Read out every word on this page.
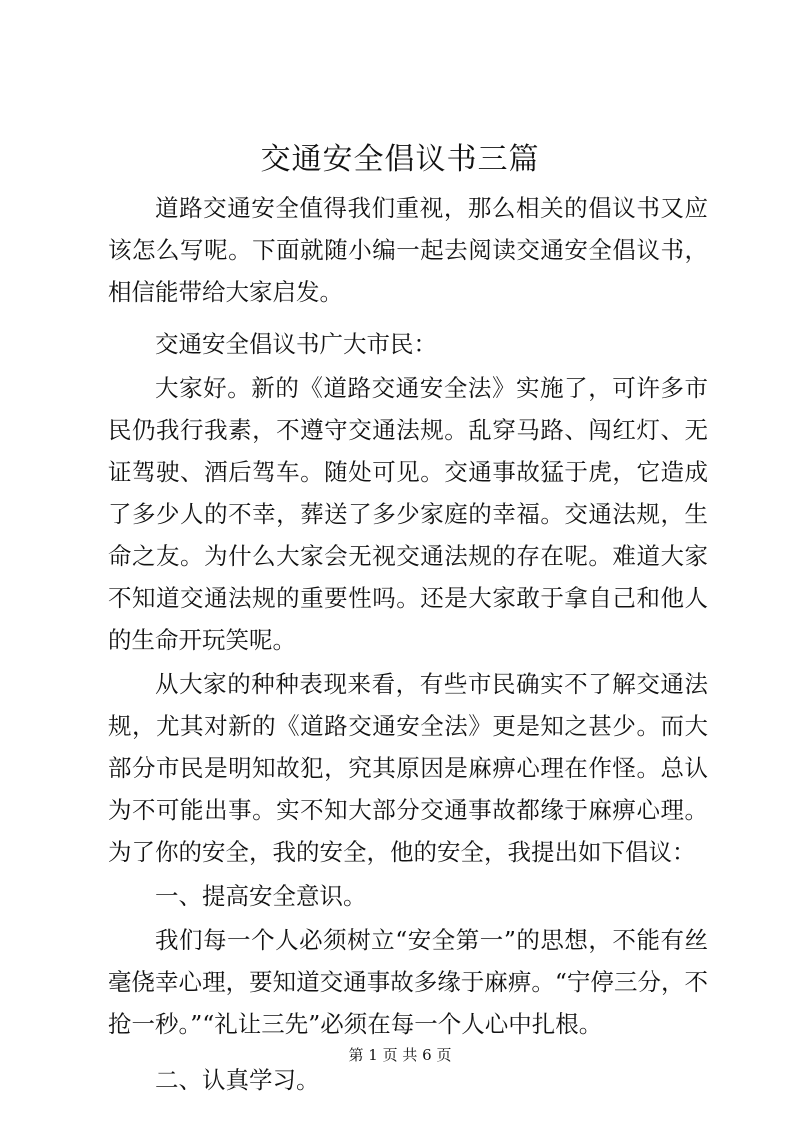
交通安全倡议书三篇

道路交通安全值得我们重视，那么相关的倡议书又应该怎么写呢。下面就随小编一起去阅读交通安全倡议书，相信能带给大家启发。

交通安全倡议书广大市民：

大家好。新的《道路交通安全法》实施了，可许多市民仍我行我素，不遵守交通法规。乱穿马路、闯红灯、无证驾驶、酒后驾车。随处可见。交通事故猛于虎，它造成了多少人的不幸，葬送了多少家庭的幸福。交通法规，生命之友。为什么大家会无视交通法规的存在呢。难道大家不知道交通法规的重要性吗。还是大家敢于拿自己和他人的生命开玩笑呢。

从大家的种种表现来看，有些市民确实不了解交通法规，尤其对新的《道路交通安全法》更是知之甚少。而大部分市民是明知故犯，究其原因是麻痹心理在作怪。总认为不可能出事。实不知大部分交通事故都缘于麻痹心理。为了你的安全，我的安全，他的安全，我提出如下倡议：

一、提高安全意识。

我们每一个人必须树立“安全第一”的思想，不能有丝毫侥幸心理，要知道交通事故多缘于麻痹。“宁停三分，不抢一秒。”“礼让三先”必须在每一个人心中扎根。

二、认真学习。

第 1 页 共 6 页
